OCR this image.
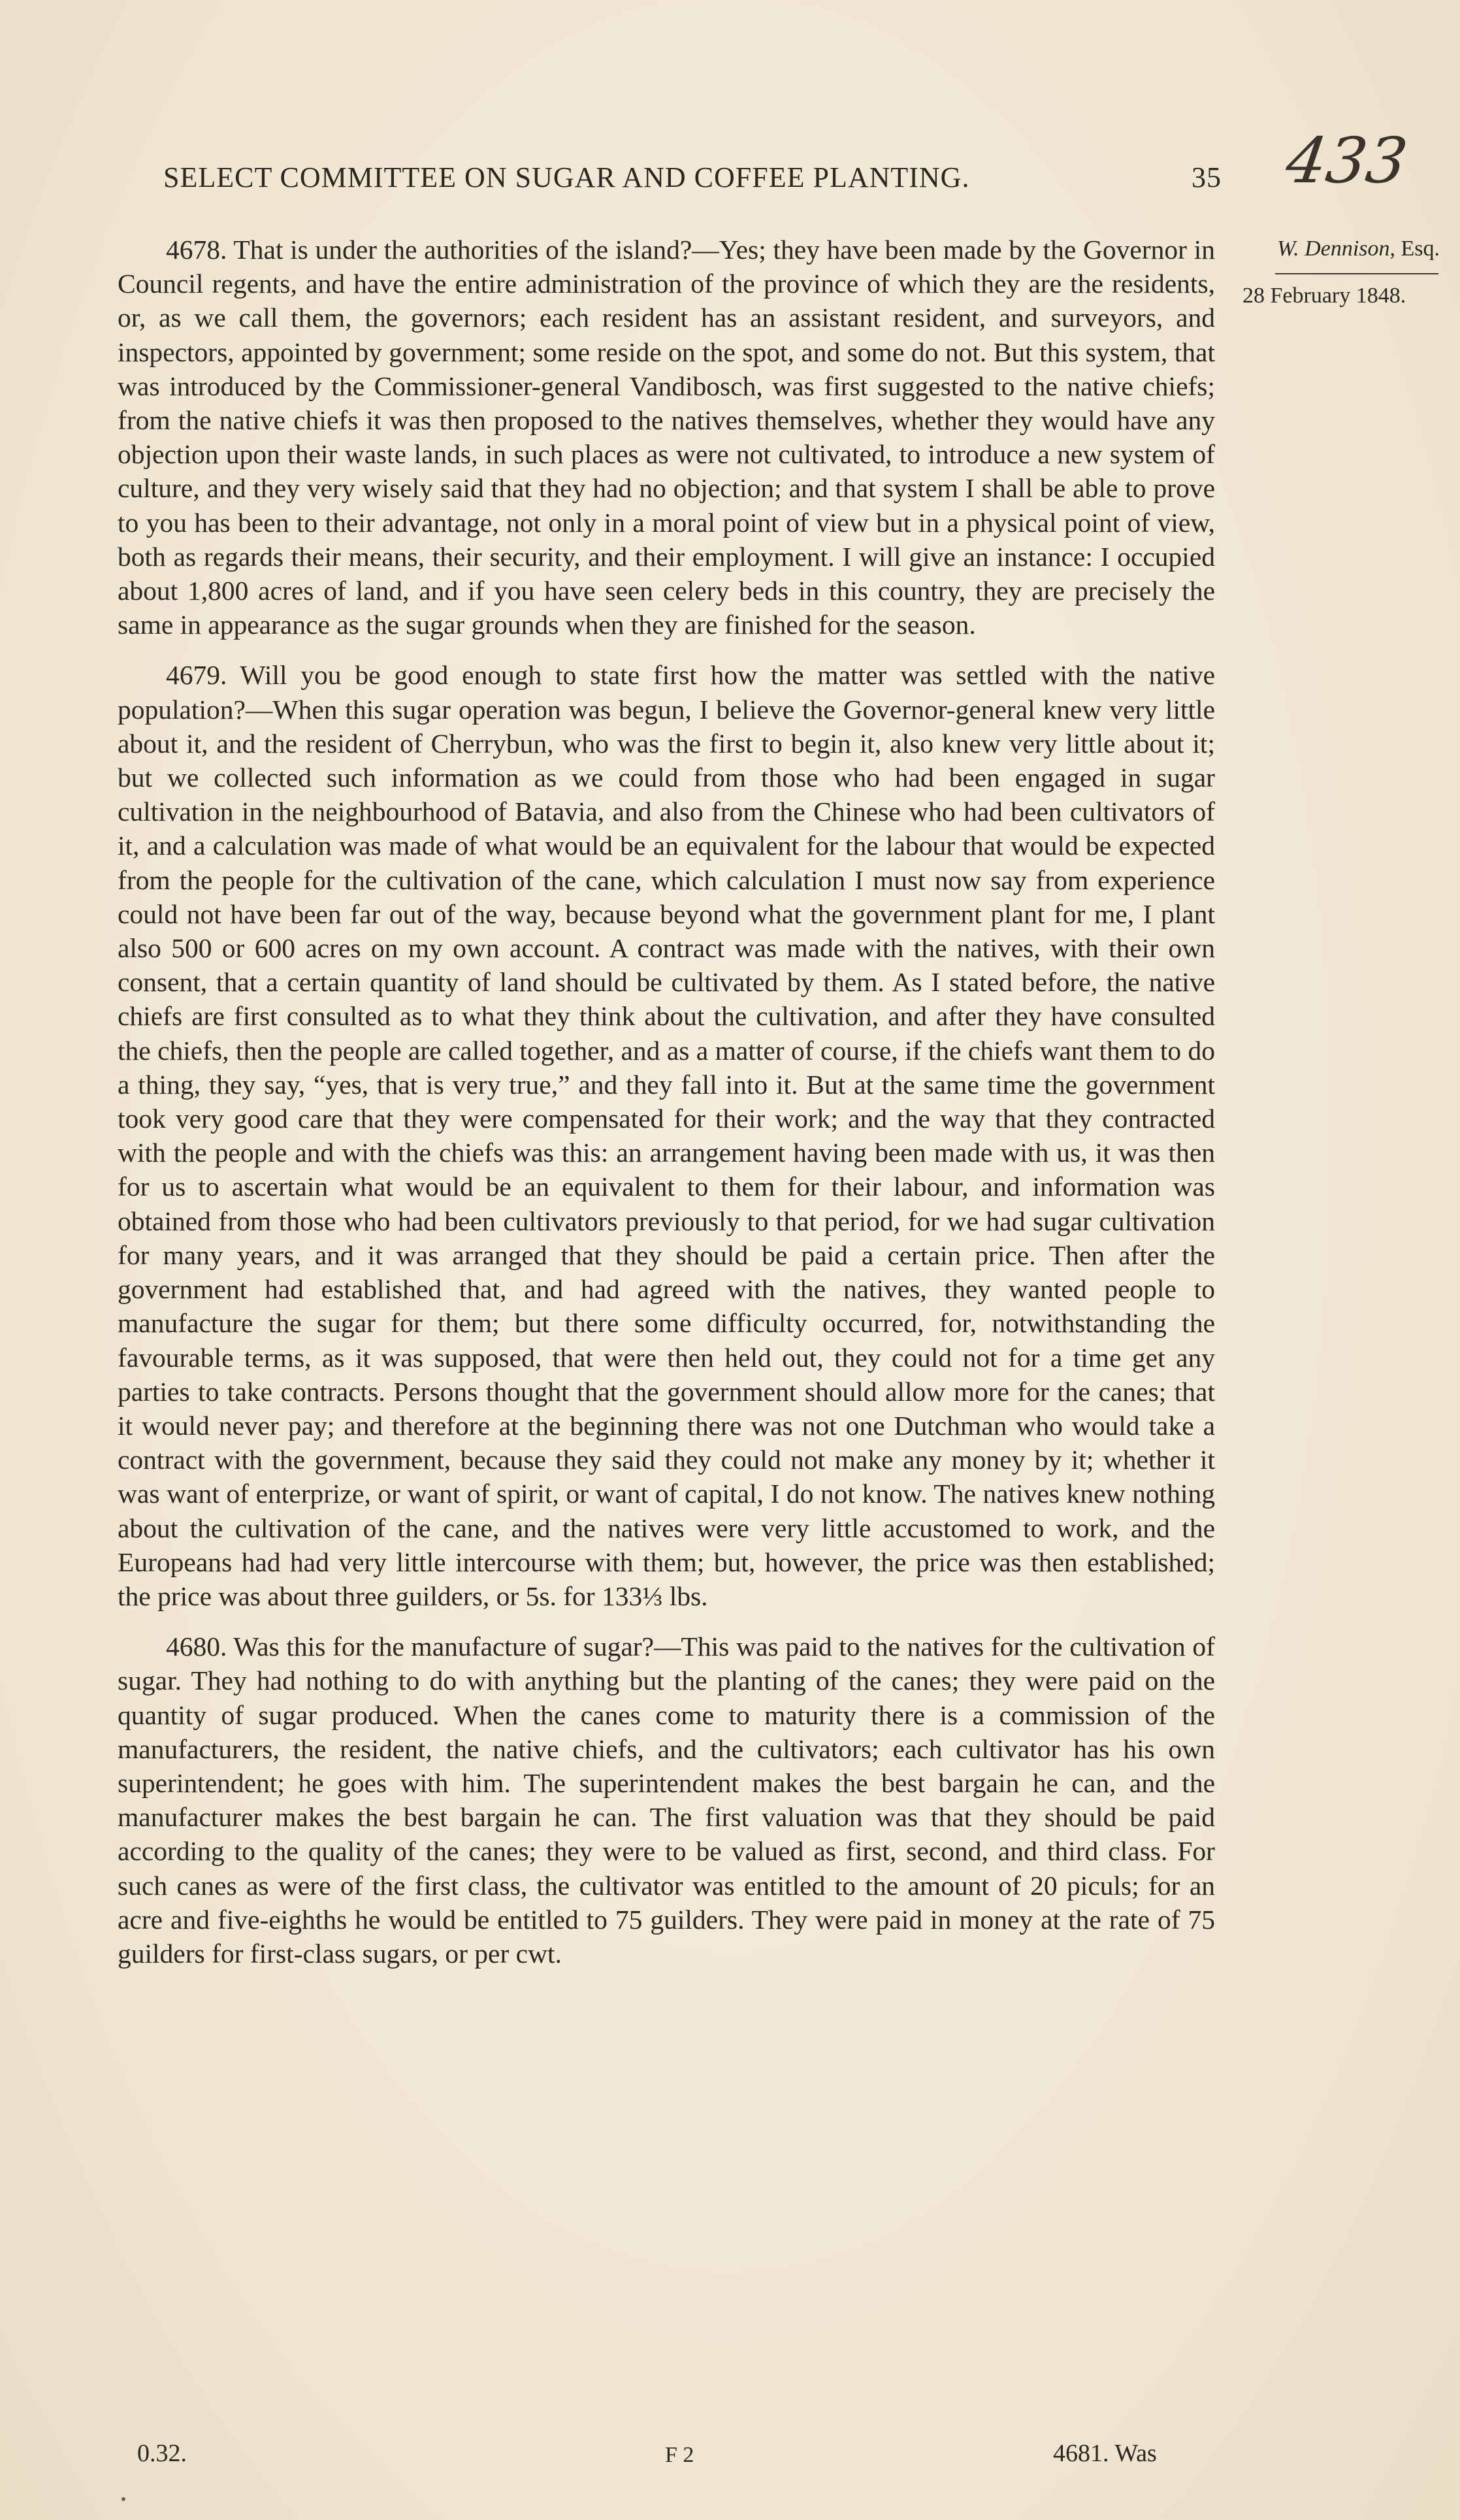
SELECT COMMITTEE ON SUGAR AND COFFEE PLANTING.	35 433
W. Dennison, Esq.
28 February 1848.

4678. That is under the authorities of the island?—Yes; they have been made by the Governor in Council regents, and have the entire administration of the province of which they are the residents, or, as we call them, the governors; each resident has an assistant resident, and surveyors, and inspectors, appointed by government; some reside on the spot, and some do not. But this system, that was introduced by the Commissioner-general Vandibosch, was first suggested to the native chiefs; from the native chiefs it was then proposed to the natives themselves, whether they would have any objection upon their waste lands, in such places as were not cultivated, to introduce a new system of culture, and they very wisely said that they had no objection; and that system I shall be able to prove to you has been to their advantage, not only in a moral point of view but in a physical point of view, both as regards their means, their security, and their employment. I will give an instance: I occupied about 1,800 acres of land, and if you have seen celery beds in this country, they are precisely the same in appearance as the sugar grounds when they are finished for the season.

4679. Will you be good enough to state first how the matter was settled with the native population?—When this sugar operation was begun, I believe the Governor-general knew very little about it, and the resident of Cherrybun, who was the first to begin it, also knew very little about it; but we collected such information as we could from those who had been engaged in sugar cultivation in the neighbourhood of Batavia, and also from the Chinese who had been cultivators of it, and a calculation was made of what would be an equivalent for the labour that would be expected from the people for the cultivation of the cane, which calculation I must now say from experience could not have been far out of the way, because beyond what the government plant for me, I plant also 500 or 600 acres on my own account. A contract was made with the natives, with their own consent, that a certain quantity of land should be cultivated by them. As I stated before, the native chiefs are first consulted as to what they think about the cultivation, and after they have consulted the chiefs, then the people are called together, and as a matter of course, if the chiefs want them to do a thing, they say, “yes, that is very true,” and they fall into it. But at the same time the government took very good care that they were compensated for their work; and the way that they contracted with the people and with the chiefs was this: an arrangement having been made with us, it was then for us to ascertain what would be an equivalent to them for their labour, and information was obtained from those who had been cultivators previously to that period, for we had sugar cultivation for many years, and it was arranged that they should be paid a certain price. Then after the government had established that, and had agreed with the natives, they wanted people to manufacture the sugar for them; but there some difficulty occurred, for, notwithstanding the favourable terms, as it was supposed, that were then held out, they could not for a time get any parties to take contracts. Persons thought that the government should allow more for the canes; that it would never pay; and therefore at the beginning there was not one Dutchman who would take a contract with the government, because they said they could not make any money by it; whether it was want of enterprize, or want of spirit, or want of capital, I do not know. The natives knew nothing about the cultivation of the cane, and the natives were very little accustomed to work, and the Europeans had had very little intercourse with them; but, however, the price was then established; the price was about three guilders, or 5s. for 133⅓ lbs.

4680. Was this for the manufacture of sugar?—This was paid to the natives for the cultivation of sugar. They had nothing to do with anything but the planting of the canes; they were paid on the quantity of sugar produced. When the canes come to maturity there is a commission of the manufacturers, the resident, the native chiefs, and the cultivators; each cultivator has his own superintendent; he goes with him. The superintendent makes the best bargain he can, and the manufacturer makes the best bargain he can. The first valuation was that they should be paid according to the quality of the canes; they were to be valued as first, second, and third class. For such canes as were of the first class, the cultivator was entitled to the amount of 20 piculs; for an acre and five-eighths he would be entitled to 75 guilders. They were paid in money at the rate of 75 guilders for first-class sugars, or per cwt.

0.32.	F 2	4681. Was
